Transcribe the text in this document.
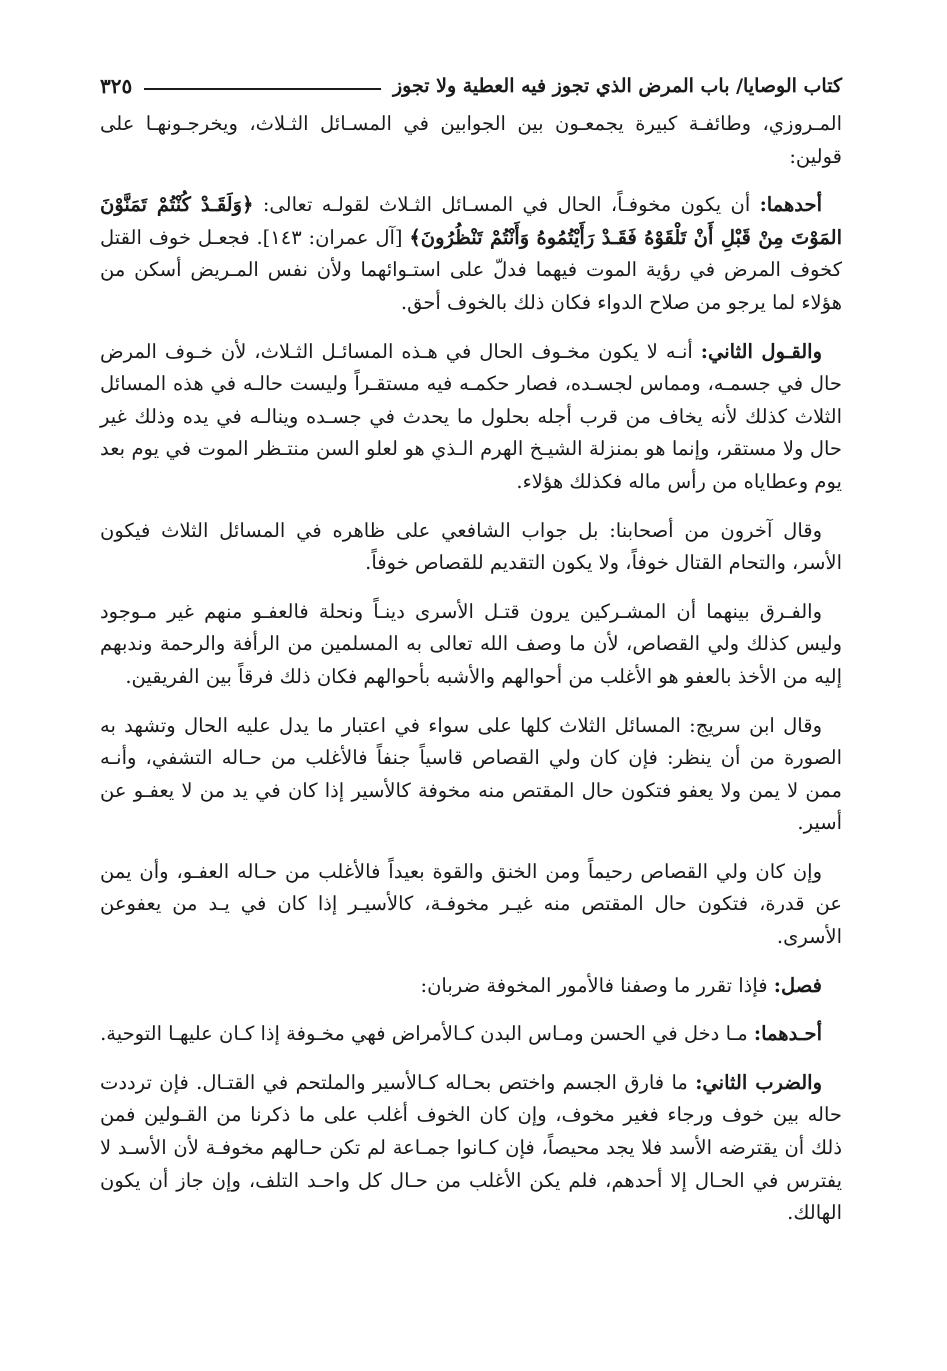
كتاب الوصايا/ باب المرض الذي تجوز فيه العطية ولا تجوز
٣٢٥

المـروزي، وطائفـة كبيرة يجمعـون بين الجوابين في المسـائل الثـلاث، ويخرجـونهـا على قولين:

أحدهما: أن يكون مخوفـاً، الحال في المسـائل الثـلاث لقولـه تعالى: ﴿وَلَقَـدْ كُنْتُمْ تَمَنَّوْنَ المَوْتَ مِنْ قَبْلِ أَنْ تَلْقَوْهُ فَقَـدْ رَأَيْتُمُوهُ وَأَنْتُمْ تَنْظُرُونَ﴾ [آل عمران: ١٤٣]. فجعـل خوف القتل كخوف المرض في رؤية الموت فيهما فدلّ على استـوائهما ولأن نفس المـريض أسكن من هؤلاء لما يرجو من صلاح الدواء فكان ذلك بالخوف أحق.

والقـول الثاني: أنـه لا يكون مخـوف الحال في هـذه المسائـل الثـلاث، لأن خـوف المرض حال في جسمـه، ومماس لجسـده، فصار حكمـه فيه مستقـراً وليست حالـه في هذه المسائل الثلاث كذلك لأنه يخاف من قرب أجله بحلول ما يحدث في جسـده وينالـه في يده وذلك غير حال ولا مستقر، وإنما هو بمنزلة الشيـخ الهرم الـذي هو لعلو السن منتـظر الموت في يوم بعد يوم وعطاياه من رأس ماله فكذلك هؤلاء.

وقال آخرون من أصحابنا: بل جواب الشافعي على ظاهره في المسائل الثلاث فيكون الأسر، والتحام القتال خوفاً، ولا يكون التقديم للقصاص خوفاً.

والفـرق بينهما أن المشـركين يرون قتـل الأسرى دينـاً ونحلة فالعفـو منهم غير مـوجود وليس كذلك ولي القصاص، لأن ما وصف الله تعالى به المسلمين من الرأفة والرحمة وندبهم إليه من الأخذ بالعفو هو الأغلب من أحوالهم والأشبه بأحوالهم فكان ذلك فرقاً بين الفريقين.

وقال ابن سريج: المسائل الثلاث كلها على سواء في اعتبار ما يدل عليه الحال وتشهد به الصورة من أن ينظر: فإن كان ولي القصاص قاسياً جنفاً فالأغلب من حـاله التشفي، وأنـه ممن لا يمن ولا يعفو فتكون حال المقتص منه مخوفة كالأسير إذا كان في يد من لا يعفـو عن أسير.

وإن كان ولي القصاص رحيماً ومن الخنق والقوة بعيداً فالأغلب من حـاله العفـو، وأن يمن عن قدرة، فتكون حال المقتص منه غيـر مخوفـة، كالأسيـر إذا كان في يـد من يعفوعن الأسرى.

فصل: فإذا تقرر ما وصفنا فالأمور المخوفة ضربان:

أحـدهما: مـا دخل في الحسن ومـاس البدن كـالأمراض فهي مخـوفة إذا كـان عليهـا التوحية.

والضرب الثاني: ما فارق الجسم واختص بحـاله كـالأسير والملتحم في القتـال. فإن ترددت حاله بين خوف ورجاء فغير مخوف، وإن كان الخوف أغلب على ما ذكرنا من القـولين فمن ذلك أن يقترضه الأسد فلا يجد محيصاً، فإن كـانوا جمـاعة لم تكن حـالهم مخوفـة لأن الأسـد لا يفترس في الحـال إلا أحدهم، فلم يكن الأغلب من حـال كل واحـد التلف، وإن جاز أن يكون الهالك.
